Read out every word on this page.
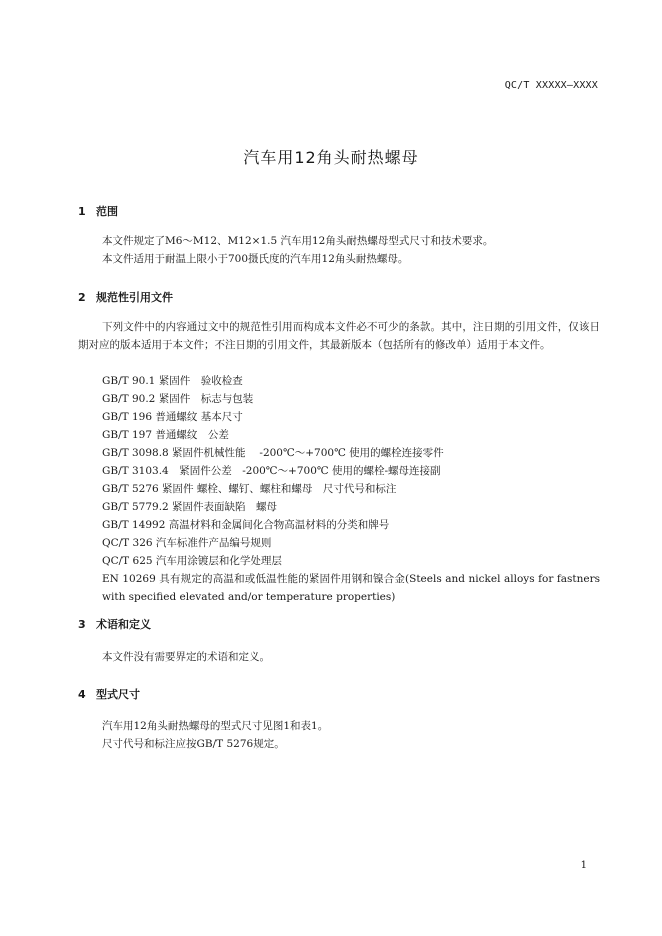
QC/T XXXXX—XXXX
汽车用12角头耐热螺母
1 范围
本文件规定了M6～M12、M12×1.5 汽车用12角头耐热螺母型式尺寸和技术要求。
本文件适用于耐温上限小于700摄氏度的汽车用12角头耐热螺母。
2 规范性引用文件
下列文件中的内容通过文中的规范性引用而构成本文件必不可少的条款。其中，注日期的引用文件，仅该日期对应的版本适用于本文件；不注日期的引用文件，其最新版本（包括所有的修改单）适用于本文件。
GB/T 90.1 紧固件　验收检查
GB/T 90.2 紧固件　标志与包装
GB/T 196 普通螺纹 基本尺寸
GB/T 197 普通螺纹　公差
GB/T 3098.8 紧固件机械性能　 -200℃～+700℃ 使用的螺栓连接零件
GB/T 3103.4　紧固件公差　-200℃～+700℃ 使用的螺栓-螺母连接副
GB/T 5276 紧固件 螺栓、螺钉、螺柱和螺母　尺寸代号和标注
GB/T 5779.2 紧固件表面缺陷　螺母
GB/T 14992 高温材料和金属间化合物高温材料的分类和牌号
QC/T 326 汽车标准件产品编号规则
QC/T 625 汽车用涂镀层和化学处理层
EN 10269 具有规定的高温和或低温性能的紧固件用钢和镍合金(Steels and nickel alloys for fastners with specified elevated and/or temperature properties)
3 术语和定义
本文件没有需要界定的术语和定义。
4 型式尺寸
汽车用12角头耐热螺母的型式尺寸见图1和表1。
尺寸代号和标注应按GB/T 5276规定。
1
